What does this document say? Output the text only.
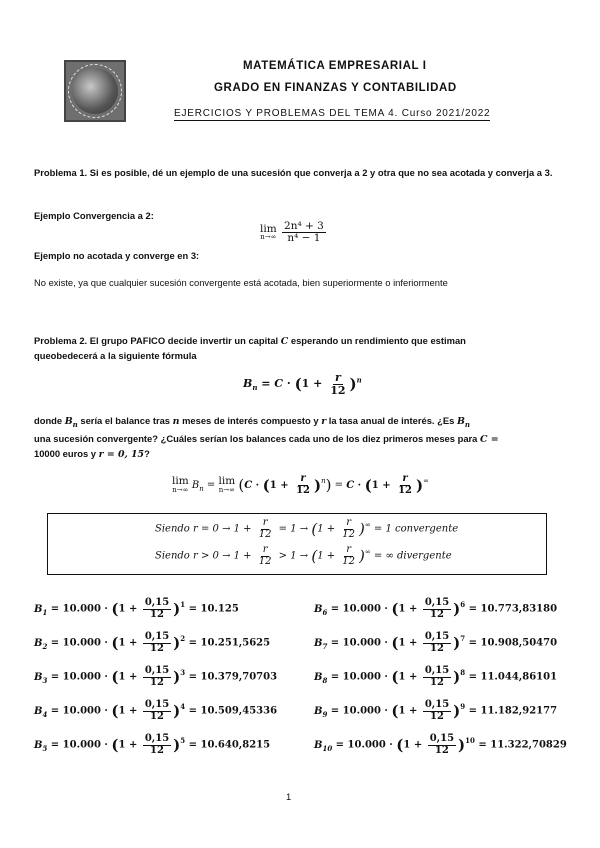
MATEMÁTICA EMPRESARIAL I
GRADO EN FINANZAS Y CONTABILIDAD
EJERCICIOS Y PROBLEMAS DEL TEMA 4. Curso 2021/2022
Problema 1. Si es posible, dé un ejemplo de una sucesión que converja a 2 y otra que no sea acotada y converja a 3.
Ejemplo Convergencia a 2:
lim
n→∞
$\frac{\text{2n⁴ + 3}}{\text{n⁴ − 1}}$
Ejemplo no acotada y converge en 3:
No existe, ya que cualquier sucesión convergente está acotada, bien superiormente o inferiormente
Problema 2. El grupo PAFICO decide invertir un capital C esperando un rendimiento que estiman
queobedecerá a la siguiente fórmula
$B_n = C \cdot (1 + \frac{r}{12} )^n$
donde $B_n$ sería el balance tras n meses de interés compuesto y r la tasa anual de interés. ¿Es $B_n$
una sucesión convergente? ¿Cuáles serían los balances cada uno de los diez primeros meses para C =
10000 euros y r = 0, 15?
lim
n→∞ $B_n = \lim$
n→∞ $(C \cdot (1 + \frac{r}{12} )^n) = C \cdot (1 + \frac{r}{12} )^\infty$
Siendo $r = 0 \to 1 + \frac{r}{12} = 1 \to (1 + \frac{r}{12} )^\infty = 1$ convergente
Siendo $r > 0 \to 1 + \frac{r}{12} > 1 \to (1 + \frac{r}{12} )^\infty$ = ∞ divergente
$B_1 = 10.000 \cdot (1 + \frac{0,15}{12} )^1 = 10.125$
$B_2 = 10.000 \cdot (1 + \frac{0,15}{12} )^2 = 10.251,5625$
$B_3 = 10.000 \cdot (1 + \frac{0,15}{12} )^3 = 10.379,70703$
$B_4 = 10.000 \cdot (1 + \frac{0,15}{12} )^4 = 10.509,45336$
$B_5 = 10.000 \cdot (1 + \frac{0,15}{12} )^5 = 10.640,8215$
$B_6 = 10.000 \cdot (1 + \frac{0,15}{12} )^6 = 10.773,83180$
$B_7 = 10.000 \cdot (1 + \frac{0,15}{12} )^7 = 10.908,50470$
$B_8 = 10.000 \cdot (1 + \frac{0,15}{12} )^8 = 11.044,86101$
$B_9 = 10.000 \cdot (1 + \frac{0,15}{12} )^9 = 11.182,92177$
$B_{10} = 10.000 \cdot (1 + \frac{0,15}{12} )^{10} = 11.322,70829$
1
